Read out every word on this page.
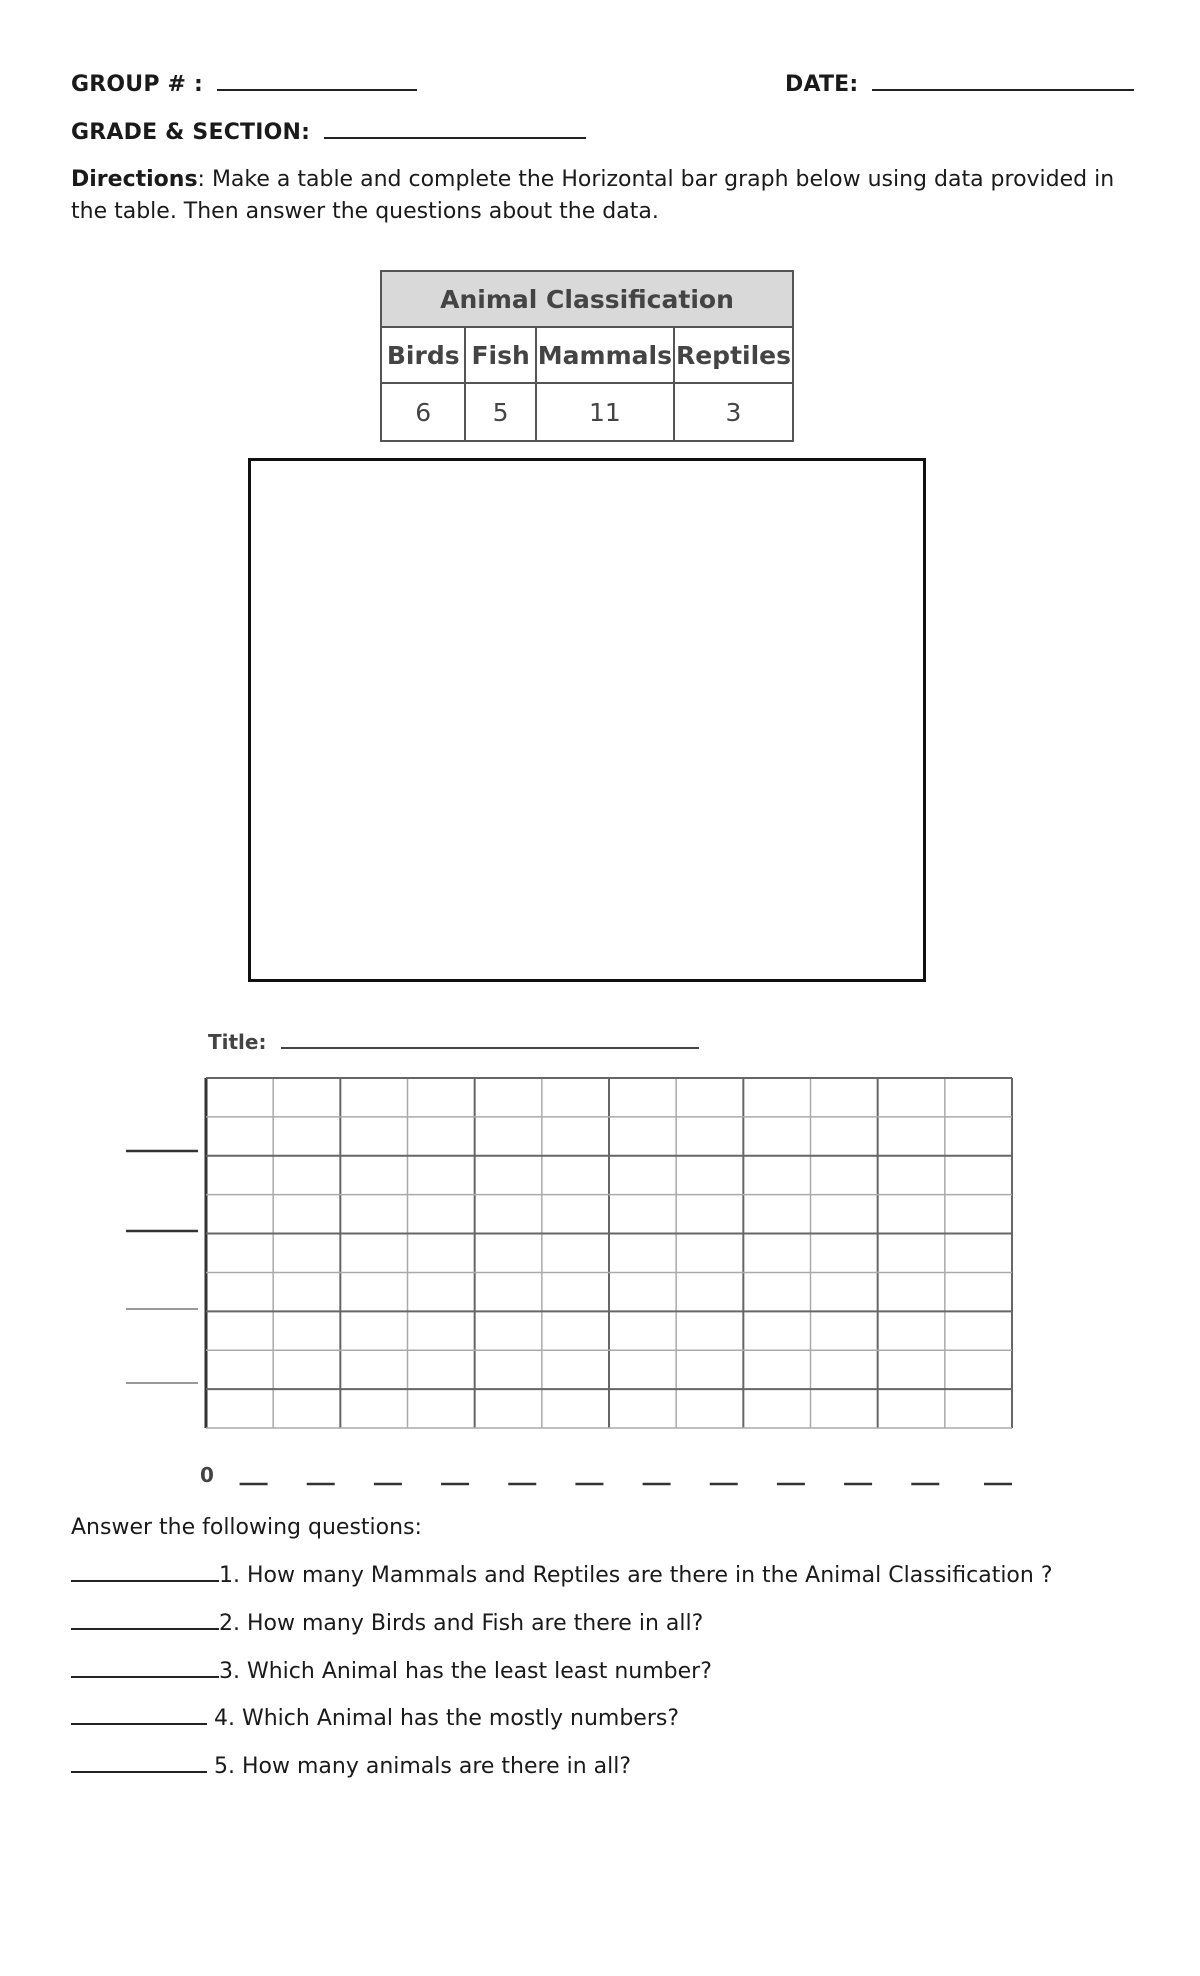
GROUP # :	DATE:
GRADE & SECTION:
Directions: Make a table and complete the Horizontal bar graph below using data provided in the table. Then answer the questions about the data.
Animal Classification			
Birds	Fish	Mammals	Reptiles
6	5	11	3
Title:
0
Answer the following questions:
1. How many Mammals and Reptiles are there in the Animal Classification ?
2. How many Birds and Fish are there in all?
3. Which Animal has the least least number?
4. Which Animal has the mostly numbers?
5. How many animals are there in all?
